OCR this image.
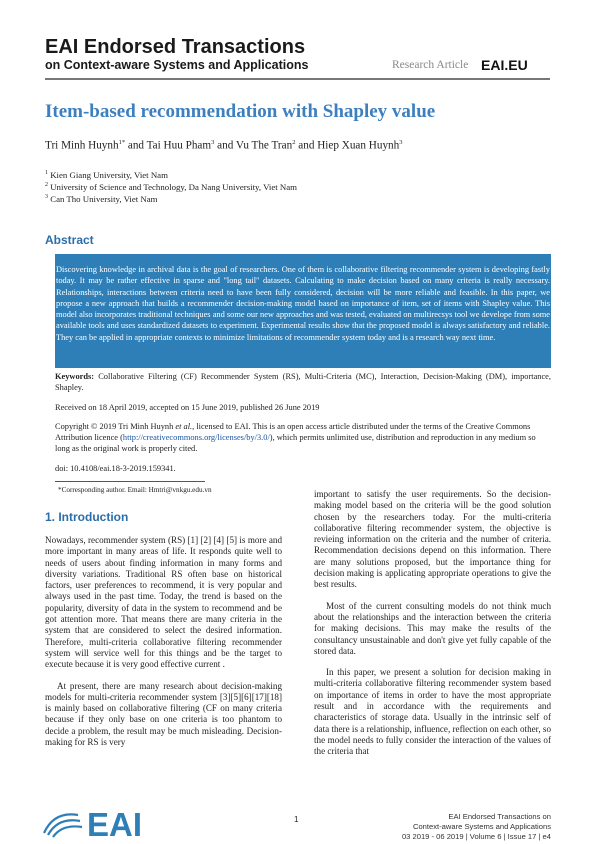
EAI Endorsed Transactions
on Context-aware Systems and Applications	Research Article EAI.EU
Item-based recommendation with Shapley value
Tri Minh Huynh$^{1*}$ and Tai Huu Pham$^3$ and Vu The Tran$^2$ and Hiep Xuan Huynh$^3$
$^1$ Kien Giang University, Viet Nam
$^2$ University of Science and Technology, Da Nang University, Viet Nam
$^3$ Can Tho University, Viet Nam
Abstract
Discovering knowledge in archival data is the goal of researchers. One of them is collaborative filtering recommender system is developing fastly today. It may be rather effective in sparse and "long tail" datasets. Calculating to make decision based on many criteria is really necessary. Relationships, interactions between criteria need to have been fully considered, decision will be more reliable and feasible. In this paper, we propose a new approach that builds a recommender decision-making model based on importance of item, set of items with Shapley value. This model also incorporates traditional techniques and some our new approaches and was tested, evaluated on multirecsys tool we develope from some available tools and uses standardized datasets to experiment. Experimental results show that the proposed model is always satisfactory and reliable. They can be applied in appropriate contexts to minimize limitations of recommender system today and is a research way next time.
Keywords: Collaborative Filtering (CF) Recommender System (RS), Multi-Criteria (MC), Interaction, Decision-Making (DM), importance, Shapley.
Received on 18 April 2019, accepted on 15 June 2019, published 26 June 2019
Copyright © 2019 Tri Minh Huynh et al., licensed to EAI. This is an open access article distributed under the terms of the Creative Commons Attribution licence (http://creativecommons.org/licenses/by/3.0/), which permits unlimited use, distribution and reproduction in any medium so long as the original work is properly cited.
doi: 10.4108/eai.18-3-2019.159341.
*Corresponding author. Email: Hmtri@vnkgu.edu.vn
1. Introduction

Nowadays, recommender system (RS) [1] [2] [4] [5] is more and more important in many areas of life. It responds quite well to needs of users about finding information in many forms and diversity variations. Traditional RS often base on historical factors, user preferences to recommend, it is very popular and always used in the past time. Today, the trend is based on the popularity, diversity of data in the system to recommend and be got attention more. That means there are many criteria in the system that are considered to select the desired information. Therefore, multi-criteria collaborative filtering recommender system will service well for this things and be the target to execute because it is very good effective current .

At present, there are many research about decision-making models for multi-criteria recommender system [3][5][6][17][18] is mainly based on collaborative filtering (CF on many criteria because if they only base on one criteria is too phantom to decide a problem, the result may be much misleading. Decision-making for RS is very

important to satisfy the user requirements. So the decision-making model based on the criteria will be the good solution chosen by the researchers today. For the multi-criteria collaborative filtering recommender system, the objective is revieing information on the criteria and the number of criteria. Recommendation decisions depend on this information. There are many solutions proposed, but the importance thing for decision making is applicating appropriate operations to give the best results.

Most of the current consulting models do not think much about the relationships and the interaction between the criteria for making decisions. This may make the results of the consultancy unsustainable and don't give yet fully capable of the stored data.

In this paper, we present a solution for decision making in multi-criteria collaborative filtering recommender system based on importance of items in order to have the most appropriate result and in accordance with the requirements and characteristics of storage data. Usually in the intrinsic self of data there is a relationship, influence, reflection on each other, so the model needs to fully consider the interaction of the values of the criteria that

EAI	1	EAI Endorsed Transactions on
Context-aware Systems and Applications
03 2019 - 06 2019 | Volume 6 | Issue 17 | e4
